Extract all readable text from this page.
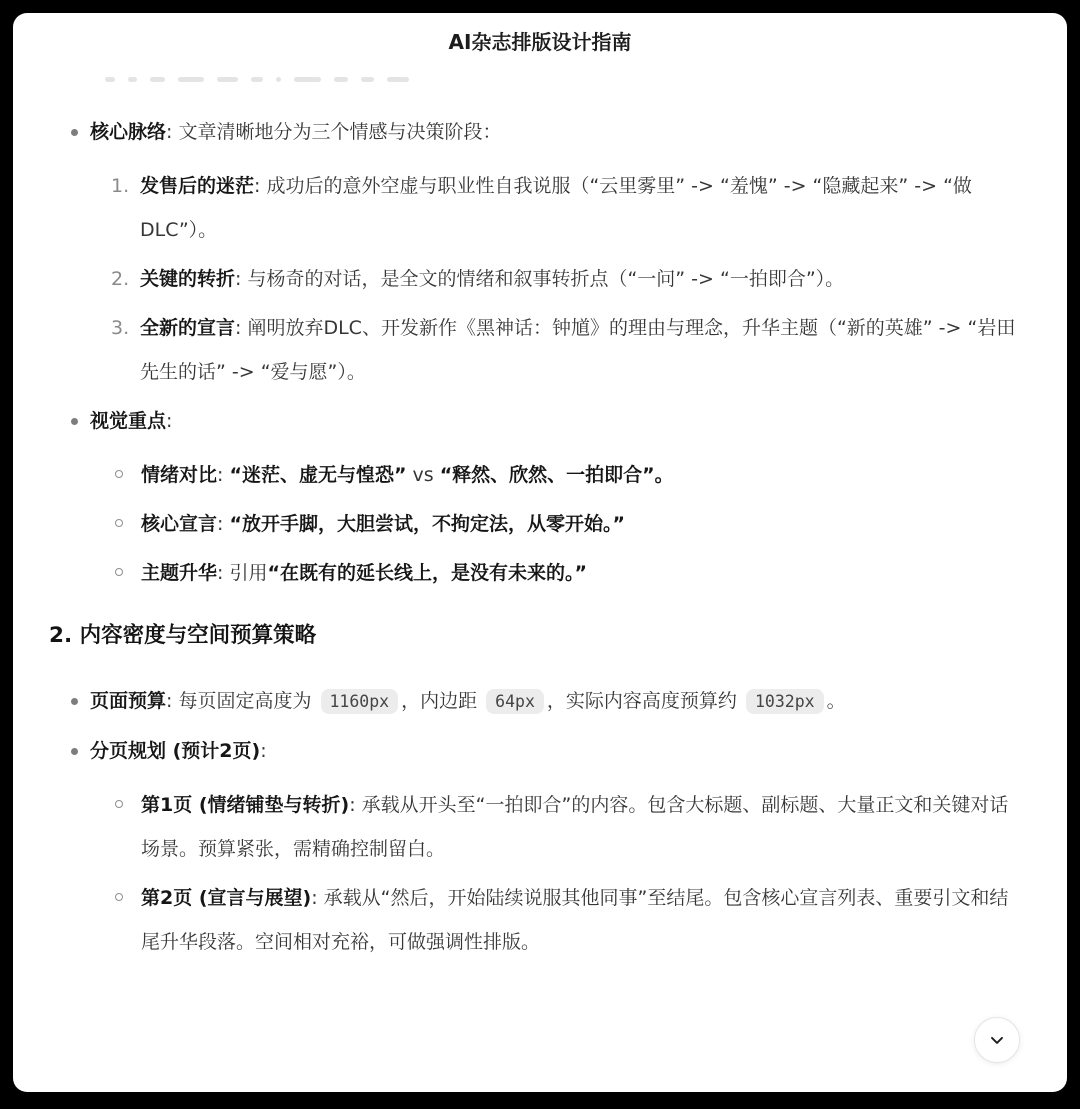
AI杂志排版设计指南
核心脉络: 文章清晰地分为三个情感与决策阶段：
1. 发售后的迷茫: 成功后的意外空虚与职业性自我说服（“云里雾里” -> “羞愧” -> “隐藏起来” -> “做DLC”）。
2. 关键的转折: 与杨奇的对话，是全文的情绪和叙事转折点（“一问” -> “一拍即合”）。
3. 全新的宣言: 阐明放弃DLC、开发新作《黑神话：钟馗》的理由与理念，升华主题（“新的英雄” -> “岩田先生的话” -> “爱与愿”）。
视觉重点:
情绪对比: “迷茫、虚无与惶恐” vs “释然、欣然、一拍即合”。
核心宣言: “放开手脚，大胆尝试，不拘定法，从零开始。”
主题升华: 引用“在既有的延长线上，是没有未来的。”
2. 内容密度与空间预算策略
页面预算: 每页固定高度为 1160px ，内边距 64px ，实际内容高度预算约 1032px 。
分页规划 (预计2页):
第1页 (情绪铺垫与转折): 承载从开头至“一拍即合”的内容。包含大标题、副标题、大量正文和关键对话场景。预算紧张，需精确控制留白。
第2页 (宣言与展望): 承载从“然后，开始陆续说服其他同事”至结尾。包含核心宣言列表、重要引文和结尾升华段落。空间相对充裕，可做强调性排版。
